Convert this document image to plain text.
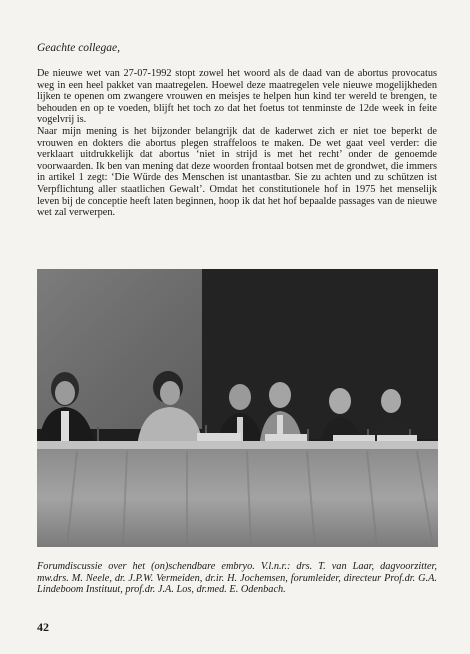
Geachte collegae,

De nieuwe wet van 27-07-1992 stopt zowel het woord als de daad van de abortus provocatus weg in een heel pakket van maatregelen. Hoewel deze maatregelen vele nieuwe mogelijkheden lijken te openen om zwangere vrouwen en meisjes te helpen hun kind ter wereld te brengen, te behouden en op te voeden, blijft het toch zo dat het foetus tot tenminste de 12de week in feite vogelvrij is.

Naar mijn mening is het bijzonder belangrijk dat de kaderwet zich er niet toe beperkt de vrouwen en dokters die abortus plegen straffeloos te maken. De wet gaat veel verder: die verklaart uitdrukkelijk dat abortus ‘niet in strijd is met het recht’ onder de genoemde voorwaarden. Ik ben van mening dat deze woorden frontaal botsen met de grondwet, die immers in artikel 1 zegt: ‘Die Würde des Menschen ist unantastbar. Sie zu achten und zu schützen ist Verpflichtung aller staatlichen Gewalt’. Omdat het constitutionele hof in 1975 het menselijk leven bij de conceptie heeft laten beginnen, hoop ik dat het hof bepaalde passages van de nieuwe wet zal verwerpen.

Forumdiscussie over het (on)schendbare embryo. V.l.n.r.: drs. T. van Laar, dagvoorzitter, mw.drs. M. Neele, dr. J.P.W. Vermeiden, dr.ir. H. Jochemsen, forumleider, directeur Prof.dr. G.A. Lindeboom Instituut, prof.dr. J.A. Los, dr.med. E. Odenbach.
42
